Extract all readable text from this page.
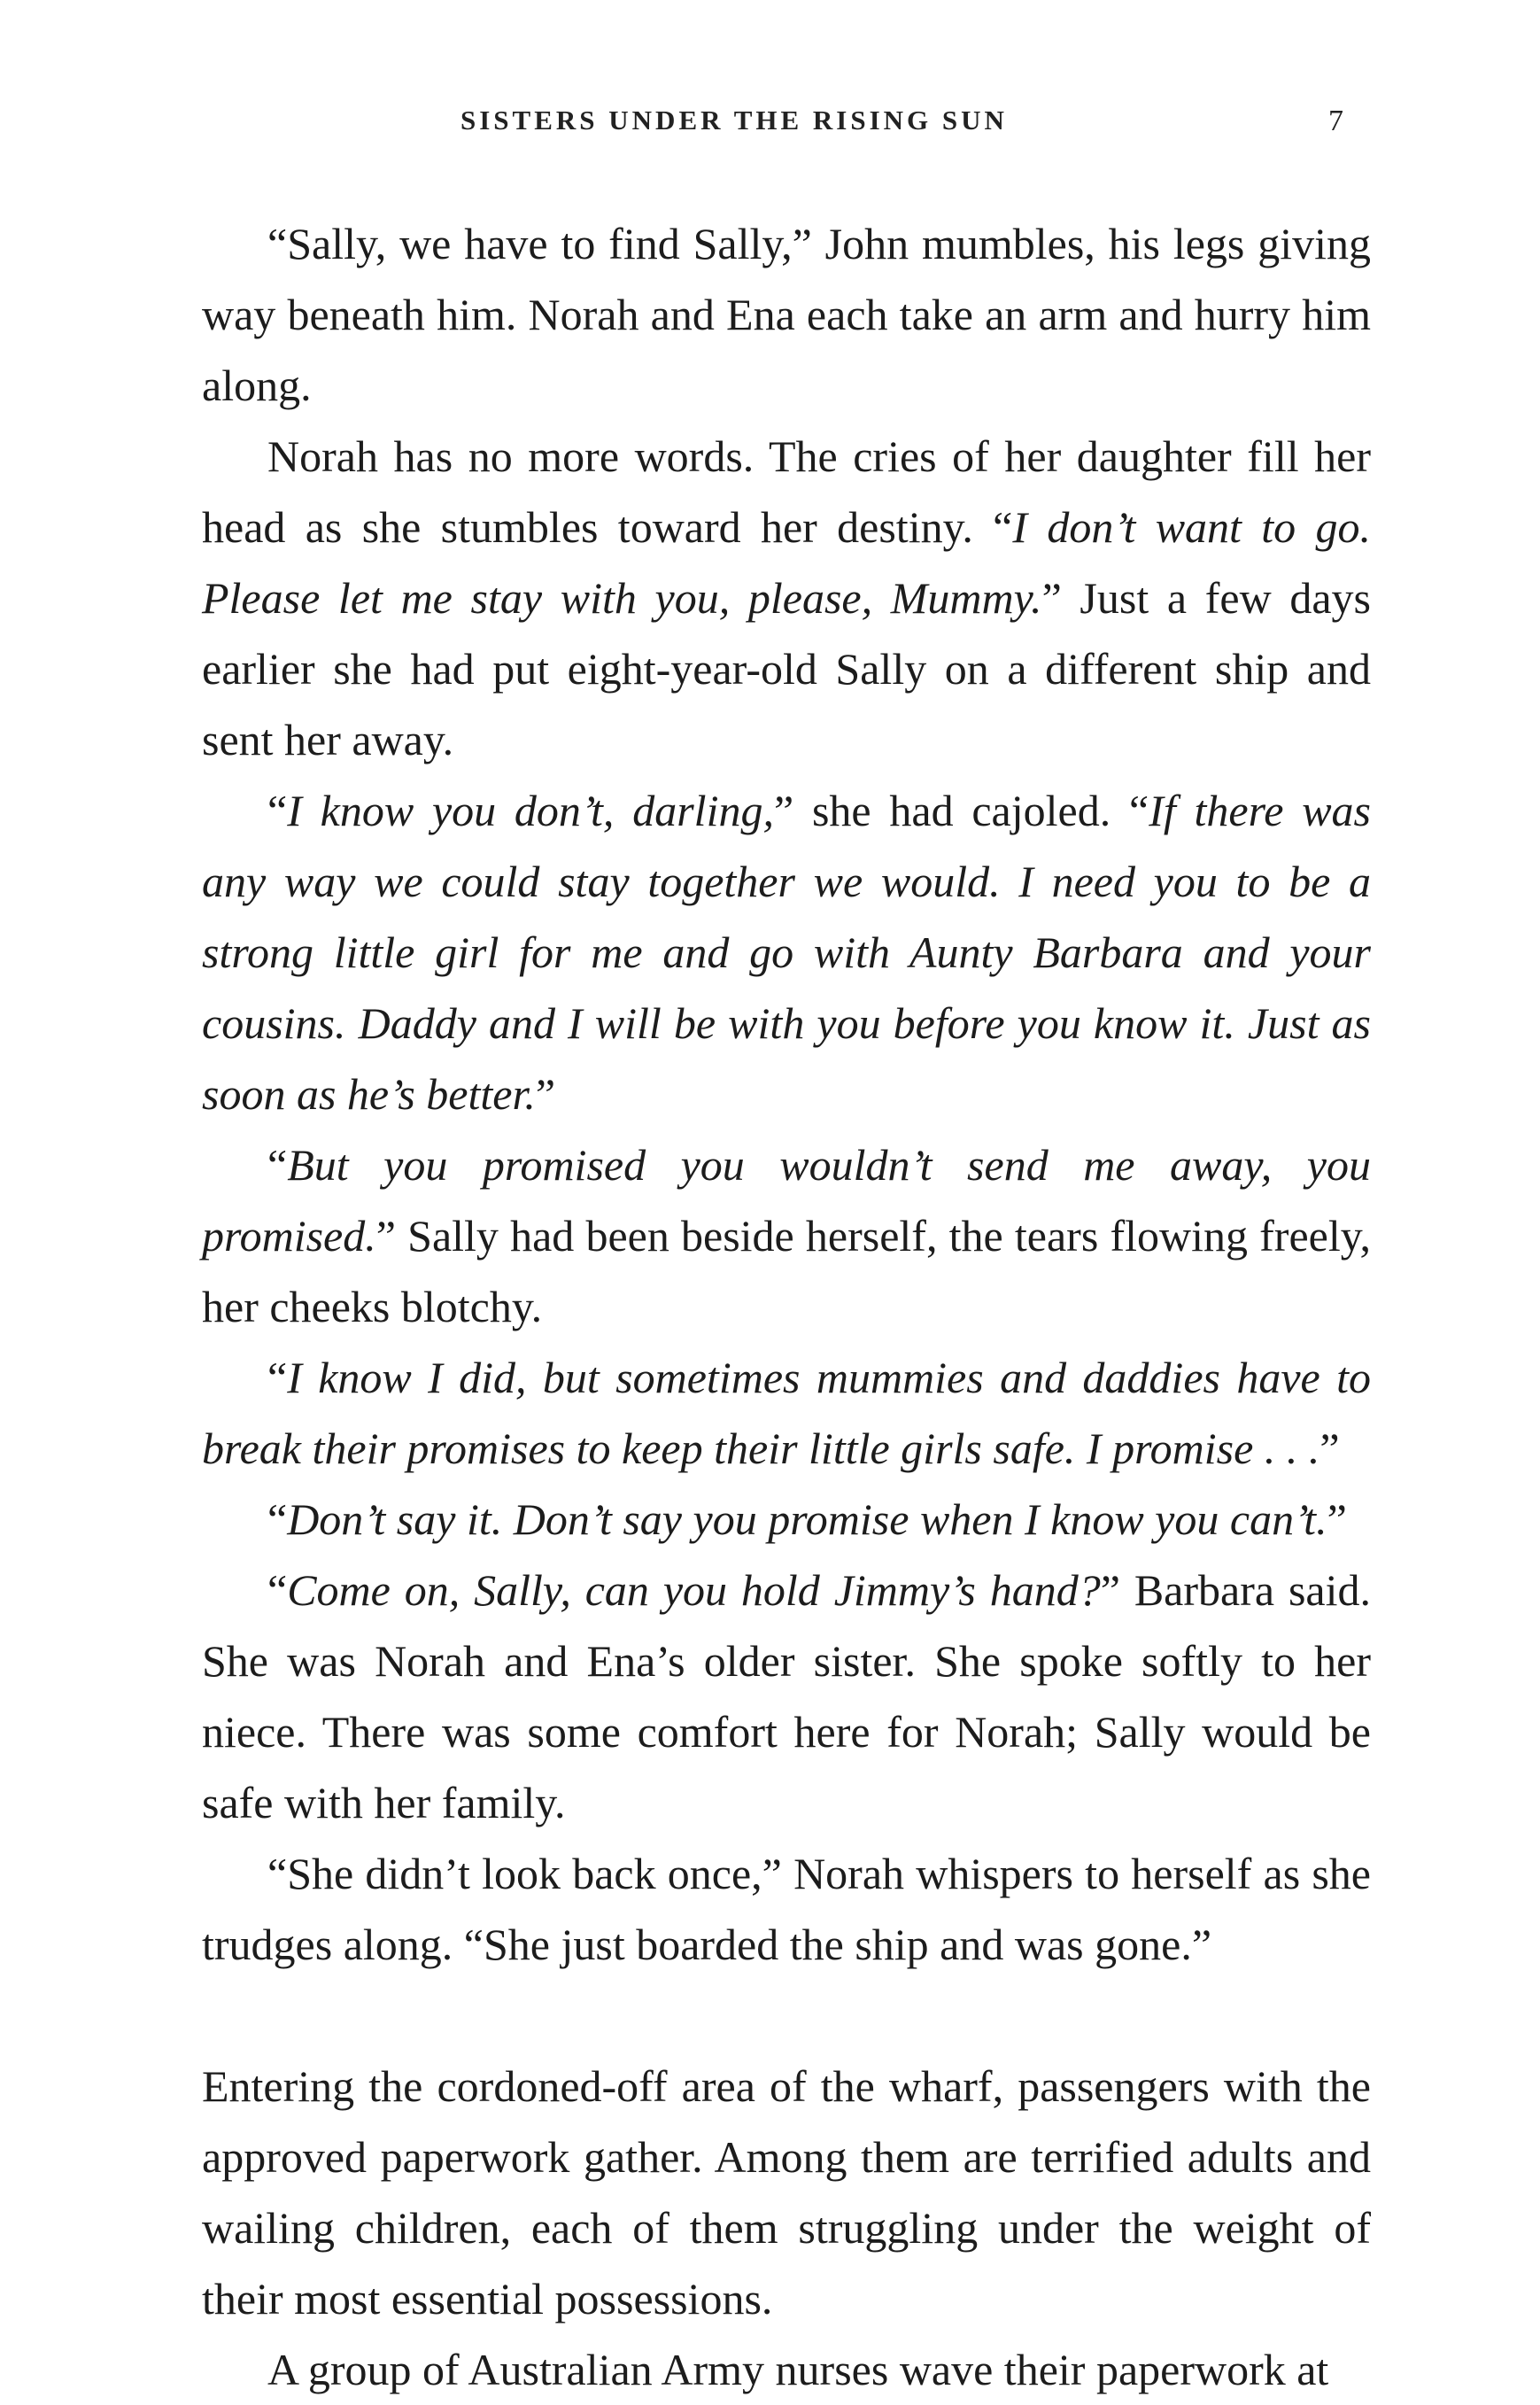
SISTERS UNDER THE RISING SUN	7

“Sally, we have to find Sally,” John mumbles, his legs giving way beneath him. Norah and Ena each take an arm and hurry him along.

Norah has no more words. The cries of her daughter fill her head as she stumbles toward her destiny. “I don’t want to go. Please let me stay with you, please, Mummy.” Just a few days earlier she had put eight-year-old Sally on a different ship and sent her away.

“I know you don’t, darling,” she had cajoled. “If there was any way we could stay together we would. I need you to be a strong little girl for me and go with Aunty Barbara and your cousins. Daddy and I will be with you before you know it. Just as soon as he’s better.”

“But you promised you wouldn’t send me away, you promised.” Sally had been beside herself, the tears flowing freely, her cheeks blotchy.

“I know I did, but sometimes mummies and daddies have to break their promises to keep their little girls safe. I promise . . .”

“Don’t say it. Don’t say you promise when I know you can’t.”

“Come on, Sally, can you hold Jimmy’s hand?” Barbara said. She was Norah and Ena’s older sister. She spoke softly to her niece. There was some comfort here for Norah; Sally would be safe with her family.

“She didn’t look back once,” Norah whispers to herself as she trudges along. “She just boarded the ship and was gone.”

Entering the cordoned-off area of the wharf, passengers with the approved paperwork gather. Among them are terrified adults and wailing children, each of them struggling under the weight of their most essential possessions.

A group of Australian Army nurses wave their paperwork at
